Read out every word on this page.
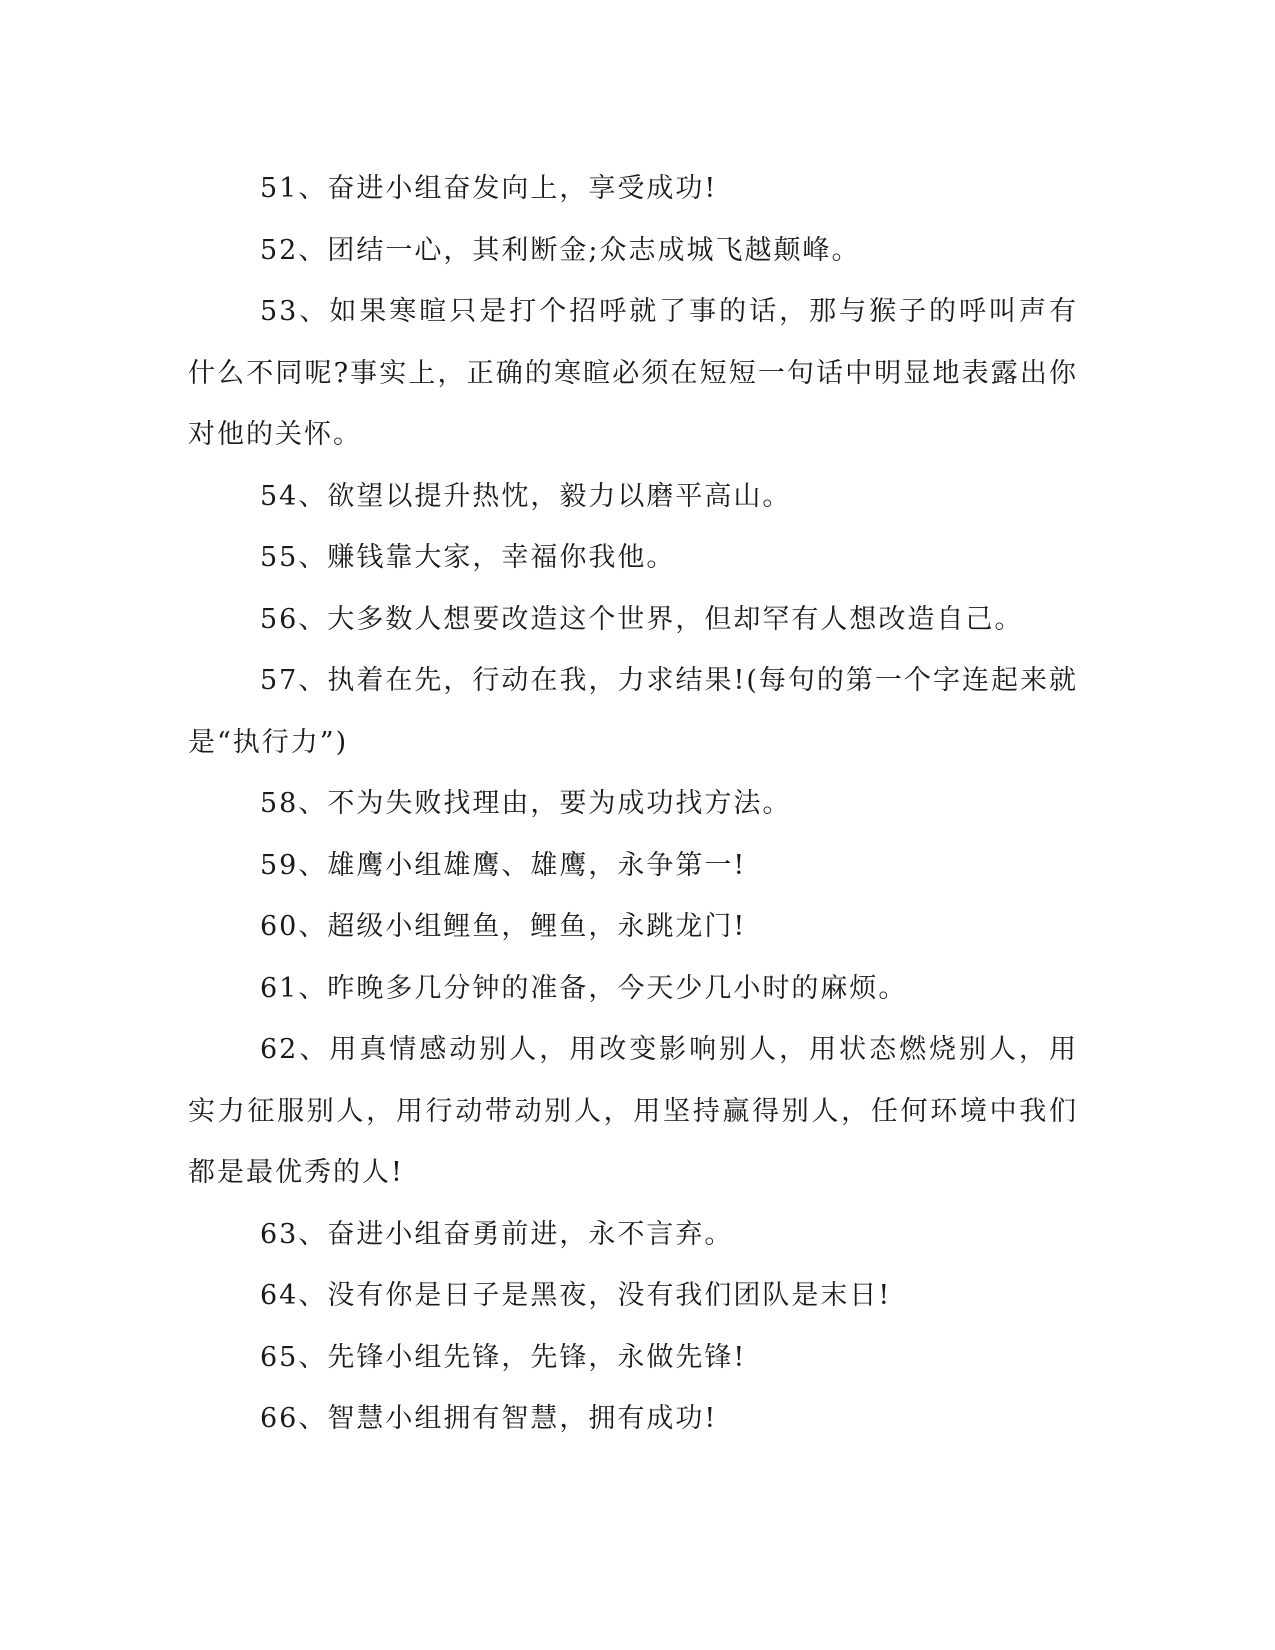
51、奋进小组奋发向上，享受成功!

52、团结一心，其利断金;众志成城飞越颠峰。

53、如果寒暄只是打个招呼就了事的话，那与猴子的呼叫声有什么不同呢?事实上，正确的寒暄必须在短短一句话中明显地表露出你对他的关怀。

54、欲望以提升热忱，毅力以磨平高山。

55、赚钱靠大家，幸福你我他。

56、大多数人想要改造这个世界，但却罕有人想改造自己。

57、执着在先，行动在我，力求结果!(每句的第一个字连起来就是“执行力”)

58、不为失败找理由，要为成功找方法。

59、雄鹰小组雄鹰、雄鹰，永争第一!

60、超级小组鲤鱼，鲤鱼，永跳龙门!

61、昨晚多几分钟的准备，今天少几小时的麻烦。

62、用真情感动别人，用改变影响别人，用状态燃烧别人，用实力征服别人，用行动带动别人，用坚持赢得别人，任何环境中我们都是最优秀的人!

63、奋进小组奋勇前进，永不言弃。

64、没有你是日子是黑夜，没有我们团队是末日!

65、先锋小组先锋，先锋，永做先锋!

66、智慧小组拥有智慧，拥有成功!
